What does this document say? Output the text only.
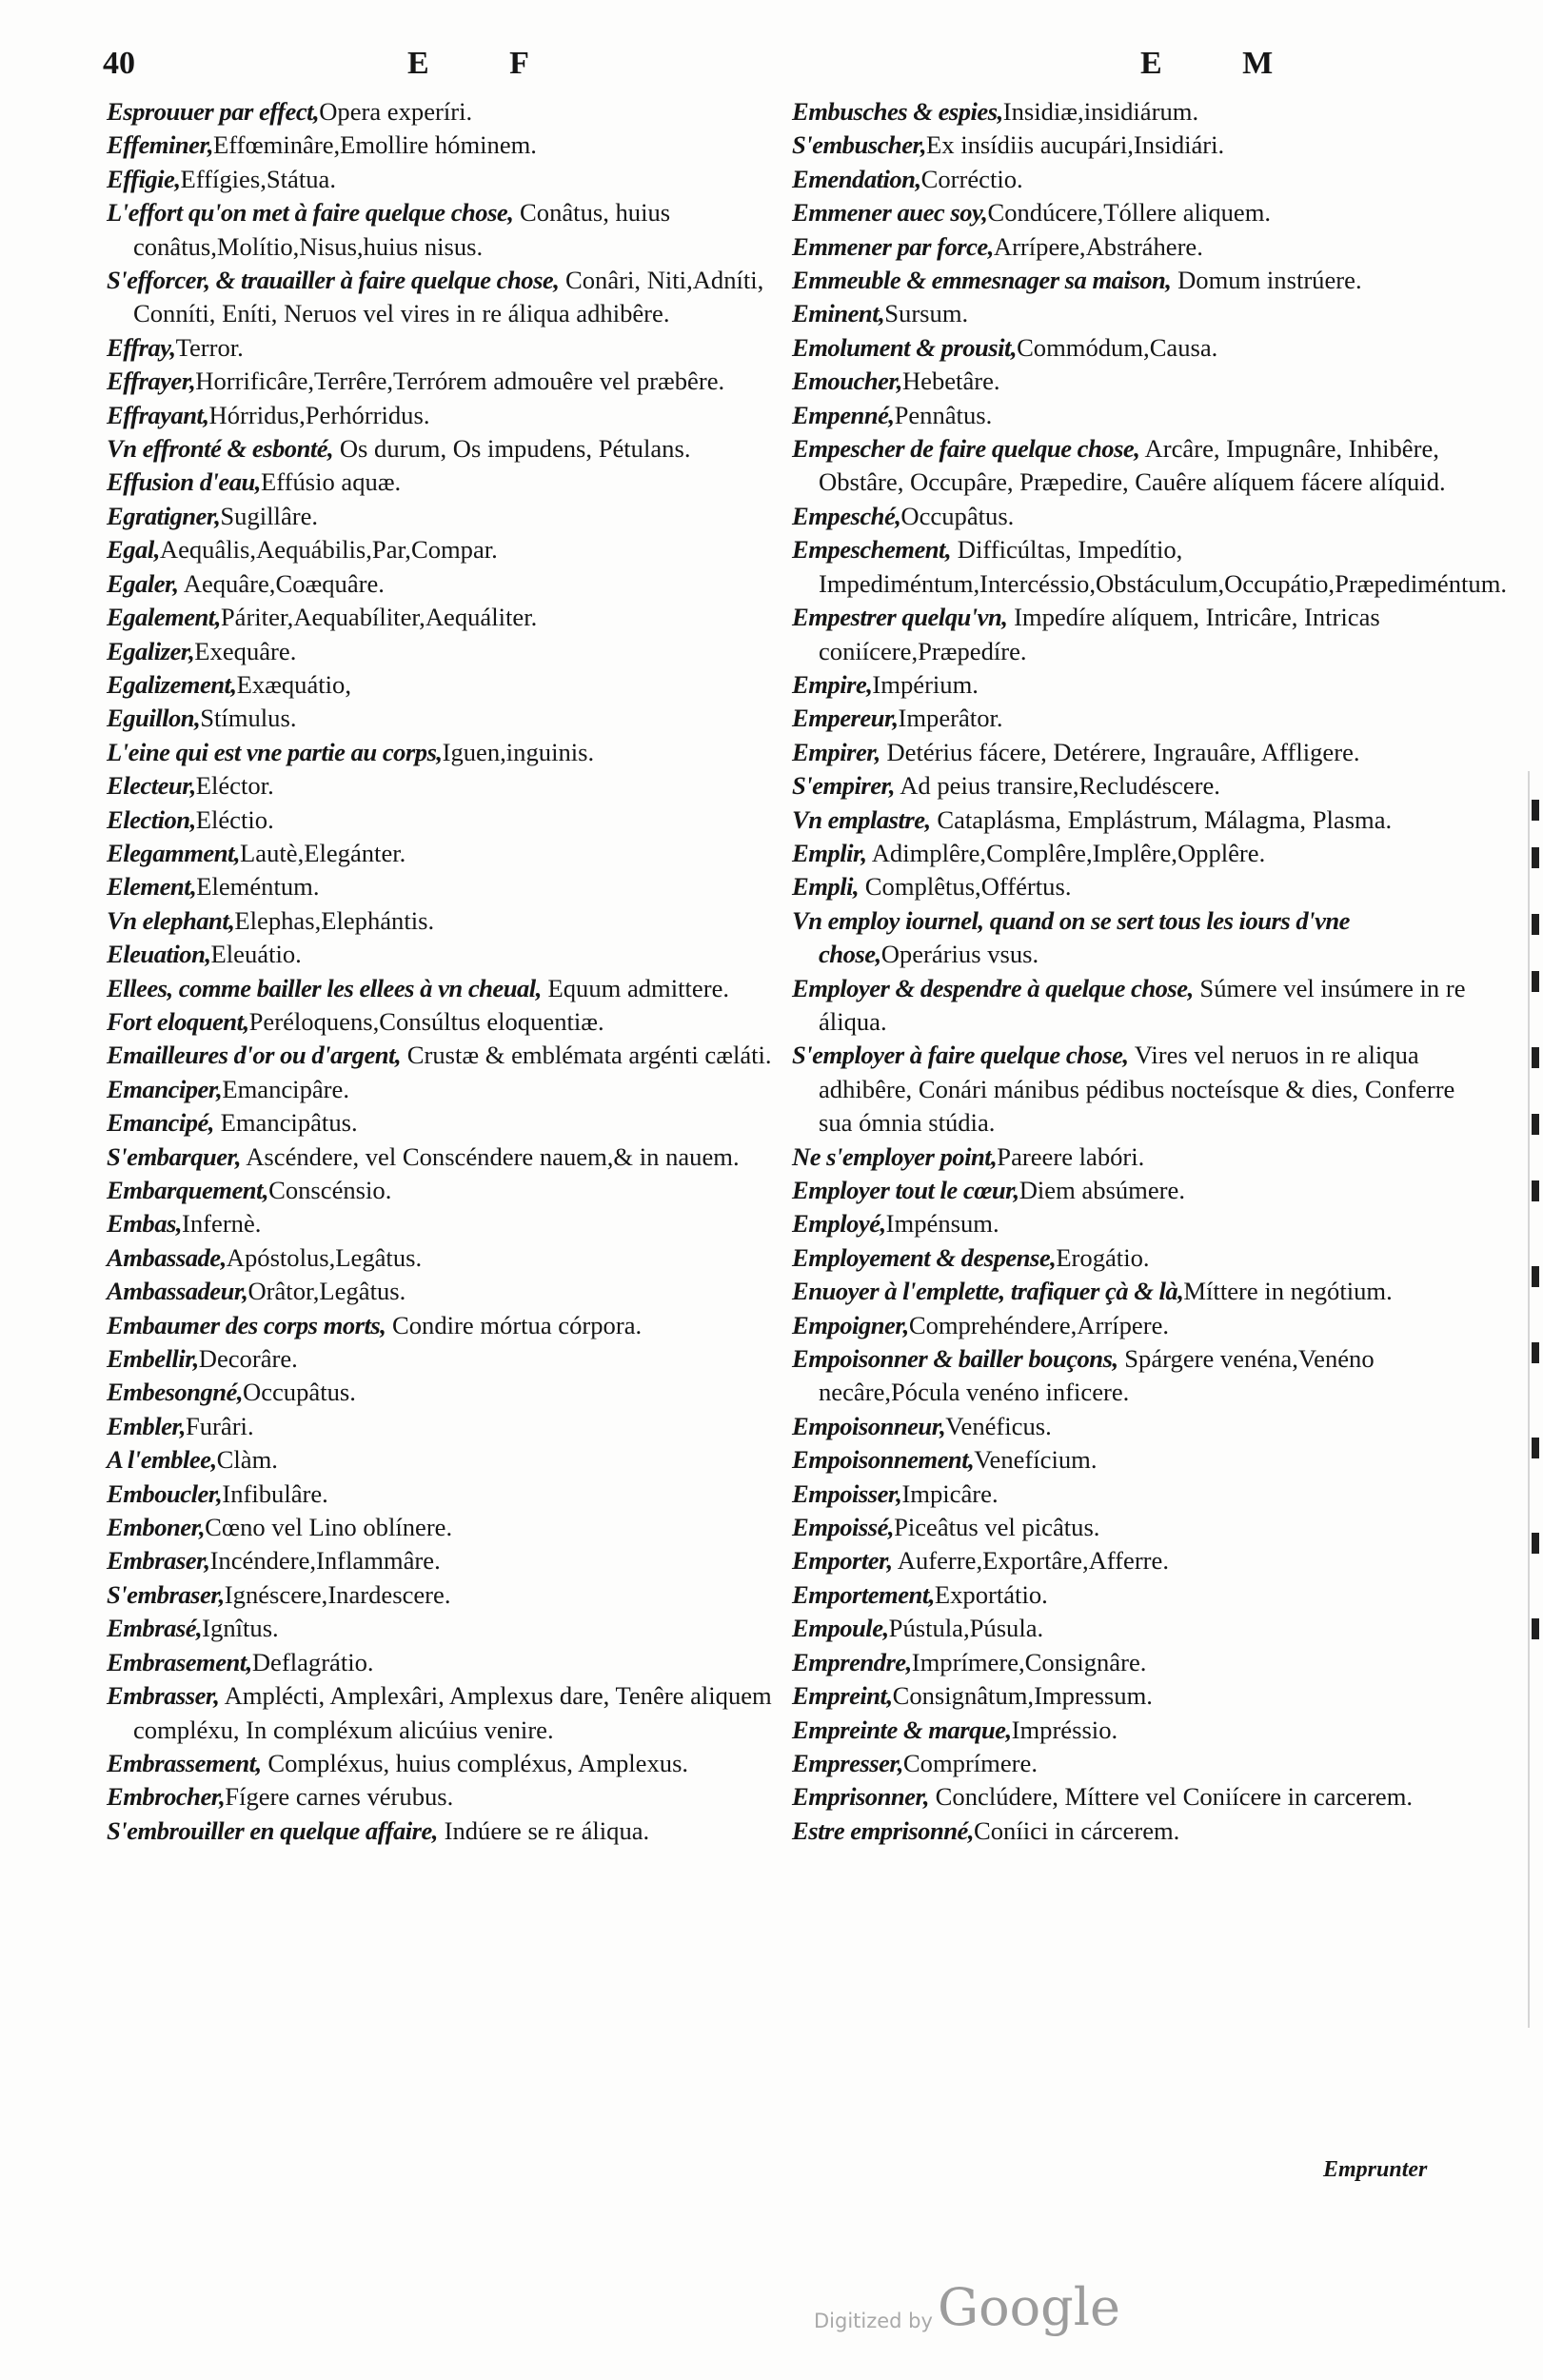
40	E F	E M
Esprouuer par effect,Opera experíri.
Effeminer,Effœminâre,Emollire hóminem.
Effigie,Effígies,Státua.
L'effort qu'on met à faire quelque chose, Conâtus, huius conâtus,Molítio,Nisus,huius nisus.
S'efforcer, & trauailler à faire quelque chose, Conâri, Niti,Adníti, Conníti, Eníti, Neruos vel vires in re áliqua adhibêre.
Effray,Terror.
Effrayer,Horrificâre,Terrêre,Terrórem admouêre vel præbêre.
Effrayant,Hórridus,Perhórridus.
Vn effronté & esbonté, Os durum, Os impudens, Pétulans.
Effusion d'eau,Effúsio aquæ.
Egratigner,Sugillâre.
Egal,Aequâlis,Aequábilis,Par,Compar.
Egaler, Aequâre,Coæquâre.
Egalement,Páriter,Aequabíliter,Aequáliter.
Egalizer,Exequâre.
Egalizement,Exæquátio,
Eguillon,Stímulus.
L'eine qui est vne partie au corps,Iguen,inguinis.
Electeur,Eléctor.
Election,Eléctio.
Elegamment,Lautè,Elegánter.
Element,Eleméntum.
Vn elephant,Elephas,Elephántis.
Eleuation,Eleuátio.
Ellees, comme bailler les ellees à vn cheual, Equum admittere.
Fort eloquent,Peréloquens,Consúltus eloquentiæ.
Emailleures d'or ou d'argent, Crustæ & emblémata argénti cæláti.
Emanciper,Emancipâre.
Emancipé, Emancipâtus.
S'embarquer, Ascéndere, vel Conscéndere nauem,& in nauem.
Embarquement,Conscénsio.
Embas,Infernè.
Ambassade,Apóstolus,Legâtus.
Ambassadeur,Orâtor,Legâtus.
Embaumer des corps morts, Condire mórtua córpora.
Embellir,Decorâre.
Embesongné,Occupâtus.
Embler,Furâri.
A l'emblee,Clàm.
Emboucler,Infibulâre.
Emboner,Cœno vel Lino oblínere.
Embraser,Incéndere,Inflammâre.
S'embraser,Ignéscere,Inardescere.
Embrasé,Ignîtus.
Embrasement,Deflagrátio.
Embrasser, Amplécti, Amplexâri, Amplexus dare, Tenêre aliquem compléxu, In compléxum alicúius venire.
Embrassement, Compléxus, huius compléxus, Amplexus.
Embrocher,Fígere carnes vérubus.
S'embrouiller en quelque affaire, Indúere se re áliqua.
Embusches & espies,Insidiæ,insidiárum.
S'embuscher,Ex insídiis aucupári,Insidiári.
Emendation,Corréctio.
Emmener auec soy,Condúcere,Tóllere aliquem.
Emmener par force,Arrípere,Abstráhere.
Emmeuble & emmesnager sa maison, Domum instrúere.
Eminent,Sursum.
Emolument & prousit,Commódum,Causa.
Emoucher,Hebetâre.
Empenné,Pennâtus.
Empescher de faire quelque chose, Arcâre, Impugnâre, Inhibêre, Obstâre, Occupâre, Præpedire, Cauêre alíquem fácere alíquid.
Empesché,Occupâtus.
Empeschement, Difficúltas, Impedítio, Impediméntum,Intercéssio,Obstáculum,Occupátio,Præpediméntum.
Empestrer quelqu'vn, Impedíre alíquem, Intricâre, Intricas coniícere,Præpedíre.
Empire,Impérium.
Empereur,Imperâtor.
Empirer, Detérius fácere, Detérere, Ingrauâre, Affligere.
S'empirer, Ad peius transire,Recludéscere.
Vn emplastre, Cataplásma, Emplástrum, Málagma, Plasma.
Emplir, Adimplêre,Complêre,Implêre,Opplêre.
Empli, Complêtus,Offértus.
Vn employ iournel, quand on se sert tous les iours d'vne chose,Operárius vsus.
Employer & despendre à quelque chose, Súmere vel insúmere in re áliqua.
S'employer à faire quelque chose, Vires vel neruos in re aliqua adhibêre, Conári mánibus pédibus nocteísque & dies, Conferre sua ómnia stúdia.
Ne s'employer point,Pareere labóri.
Employer tout le cœur,Diem absúmere.
Employé,Impénsum.
Employement & despense,Erogátio.
Enuoyer à l'emplette, trafiquer çà & là,Míttere in negótium.
Empoigner,Comprehéndere,Arrípere.
Empoisonner & bailler bouçons, Spárgere venéna,Venéno necâre,Pócula venéno inficere.
Empoisonneur,Venéficus.
Empoisonnement,Venefícium.
Empoisser,Impicâre.
Empoissé,Piceâtus vel picâtus.
Emporter, Auferre,Exportâre,Afferre.
Emportement,Exportátio.
Empoule,Pústula,Púsula.
Emprendre,Imprímere,Consignâre.
Empreint,Consignâtum,Impressum.
Empreinte & marque,Impréssio.
Empresser,Comprímere.
Emprisonner, Conclúdere, Míttere vel Coniícere in carcerem.
Estre emprisonné,Coníici in cárcerem.
Emprunter
Digitized by Google
